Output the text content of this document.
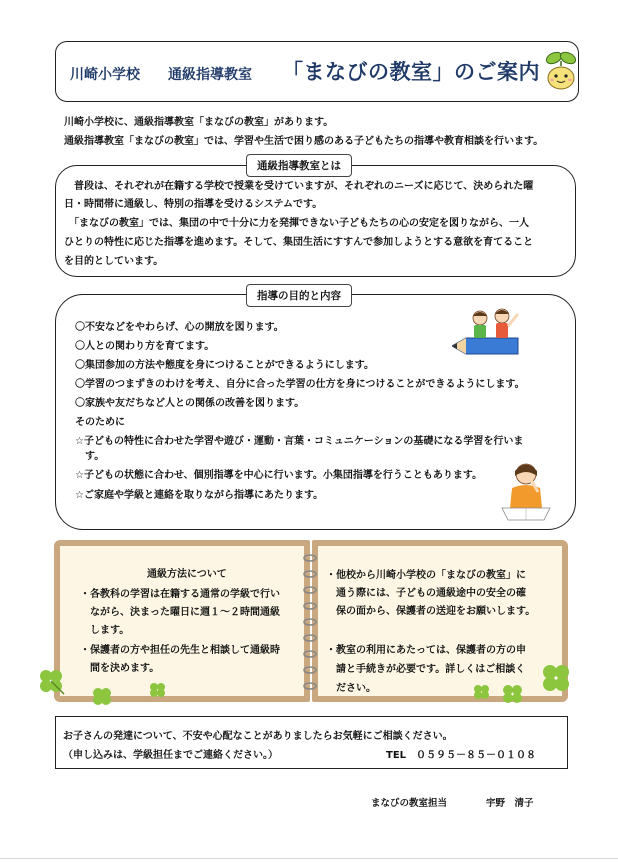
川崎小学校 通級指導教室 「まなびの教室」のご案内
川崎小学校に、通級指導教室「まなびの教室」があります。
通級指導教室「まなびの教室」では、学習や生活で困り感のある子どもたちの指導や教育相談を行います。
通級指導教室とは
　普段は、それぞれが在籍する学校で授業を受けていますが、それぞれのニーズに応じて、決められた曜
日・時間帯に通級し、特別の指導を受けるシステムです。
　「まなびの教室」では、集団の中で十分に力を発揮できない子どもたちの心の安定を図りながら、一人
ひとりの特性に応じた指導を進めます。そして、集団生活にすすんで参加しようとする意欲を育てること
を目的としています。
指導の目的と内容
〇不安などをやわらげ、心の開放を図ります。
〇人との関わり方を育てます。
〇集団参加の方法や態度を身につけることができるようにします。
〇学習のつまずきのわけを考え、自分に合った学習の仕方を身につけることができるようにします。
〇家族や友だちなど人との関係の改善を図ります。
そのために
☆子どもの特性に合わせた学習や遊び・運動・言葉・コミュニケーションの基礎になる学習を行いま
　す。
☆子どもの状態に合わせ、個別指導を中心に行います。小集団指導を行うこともあります。
☆ご家庭や学級と連絡を取りながら指導にあたります。
通級方法について
・各教科の学習は在籍する通常の学級で行い
　ながら、決まった曜日に週１～２時間通級
　します。
・保護者の方や担任の先生と相談して通級時
　間を決めます。
・他校から川崎小学校の「まなびの教室」に
　通う際には、子どもの通級途中の安全の確
　保の面から、保護者の送迎をお願いします。
・教室の利用にあたっては、保護者の方の申
　請と手続きが必要です。詳しくはご相談く
　ださい。
お子さんの発達について、不安や心配なことがありましたらお気軽にご相談ください。
（申し込みは、学級担任までご連絡ください。）	TEL　０５９５－８５－０１０８
まなびの教室担当	宇野　清子
